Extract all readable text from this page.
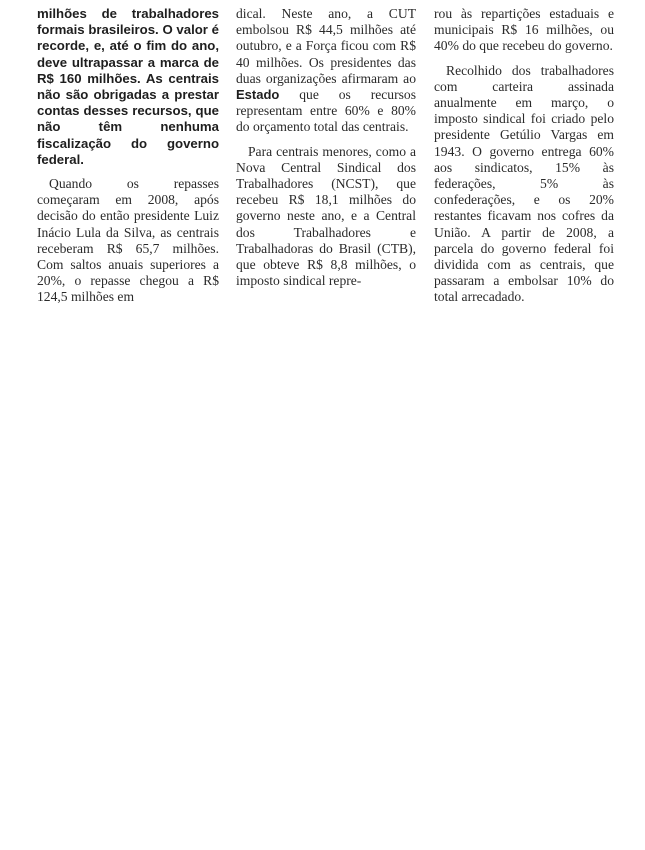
milhões de trabalhadores formais brasileiros. O valor é recorde, e, até o fim do ano, deve ultrapassar a marca de R$ 160 milhões. As centrais não são obrigadas a prestar contas desses recursos, que não têm nenhuma fiscalização do governo federal.

Quando os repasses começaram em 2008, após decisão do então presidente Luiz Inácio Lula da Silva, as centrais receberam R$ 65,7 milhões. Com saltos anuais superiores a 20%, o repasse chegou a R$ 124,5 milhões em

dical. Neste ano, a CUT embolsou R$ 44,5 milhões até outubro, e a Força ficou com R$ 40 milhões. Os presidentes das duas organizações afirmaram ao Estado que os recursos representam entre 60% e 80% do orçamento total das centrais.

Para centrais menores, como a Nova Central Sindical dos Trabalhadores (NCST), que recebeu R$ 18,1 milhões do governo neste ano, e a Central dos Trabalhadores e Trabalhadoras do Brasil (CTB), que obteve R$ 8,8 milhões, o imposto sindical repre-

rou às repartições estaduais e municipais R$ 16 milhões, ou 40% do que recebeu do governo.

Recolhido dos trabalhadores com carteira assinada anualmente em março, o imposto sindical foi criado pelo presidente Getúlio Vargas em 1943. O governo entrega 60% aos sindicatos, 15% às federações, 5% às confederações, e os 20% restantes ficavam nos cofres da União. A partir de 2008, a parcela do governo federal foi dividida com as centrais, que passaram a embolsar 10% do total arrecadado.
